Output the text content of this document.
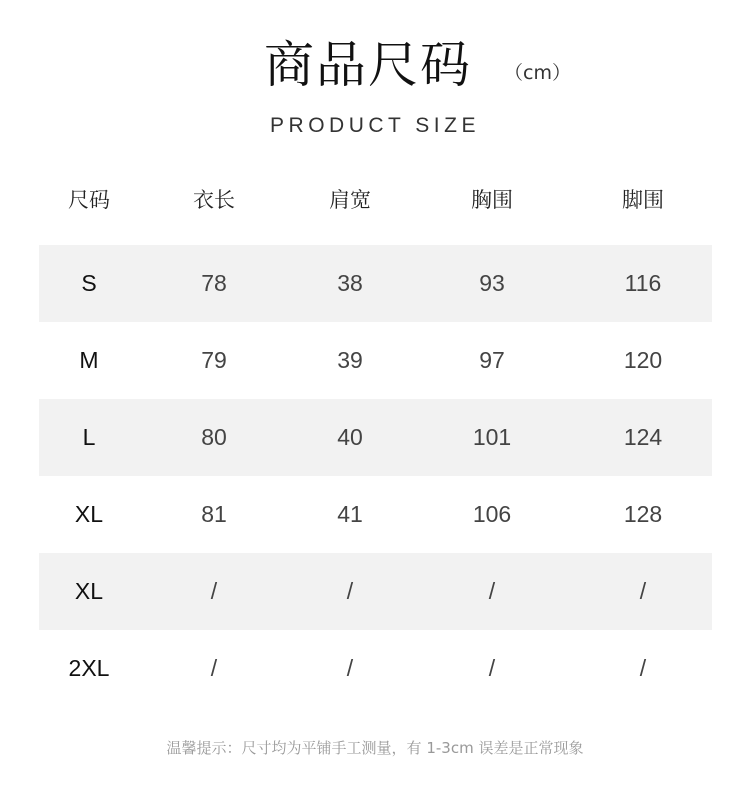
商品尺码 （cm）
PRODUCT SIZE
尺码	衣长	肩宽	胸围	脚围
S	78	38	93	116
M	79	39	97	120
L	80	40	101	124
XL	81	41	106	128
XL	/	/	/	/
2XL	/	/	/	/
温馨提示：尺寸均为平铺手工测量，有 1-3cm 误差是正常现象
